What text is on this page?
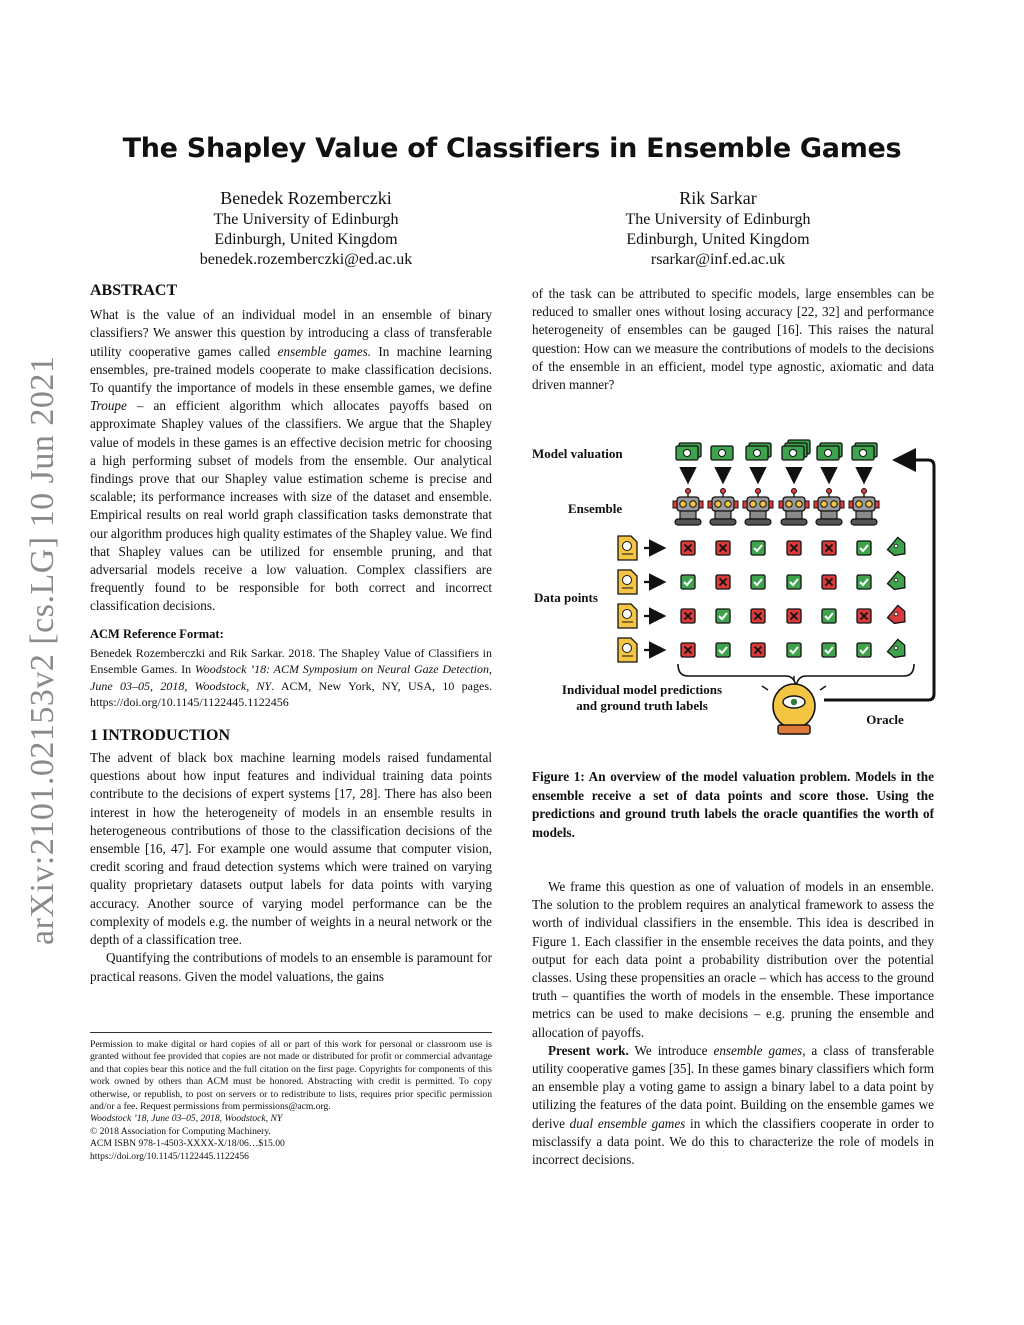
arXiv:2101.02153v2 [cs.LG] 10 Jun 2021
The Shapley Value of Classifiers in Ensemble Games
Benedek Rozemberczki
The University of Edinburgh
Edinburgh, United Kingdom
benedek.rozemberczki@ed.ac.uk
Rik Sarkar
The University of Edinburgh
Edinburgh, United Kingdom
rsarkar@inf.ed.ac.uk
ABSTRACT

What is the value of an individual model in an ensemble of binary classifiers? We answer this question by introducing a class of transferable utility cooperative games called ensemble games. In machine learning ensembles, pre-trained models cooperate to make classification decisions. To quantify the importance of models in these ensemble games, we define Troupe – an efficient algorithm which allocates payoffs based on approximate Shapley values of the classifiers. We argue that the Shapley value of models in these games is an effective decision metric for choosing a high performing subset of models from the ensemble. Our analytical findings prove that our Shapley value estimation scheme is precise and scalable; its performance increases with size of the dataset and ensemble. Empirical results on real world graph classification tasks demonstrate that our algorithm produces high quality estimates of the Shapley value. We find that Shapley values can be utilized for ensemble pruning, and that adversarial models receive a low valuation. Complex classifiers are frequently found to be responsible for both correct and incorrect classification decisions.

ACM Reference Format:

Benedek Rozemberczki and Rik Sarkar. 2018. The Shapley Value of Classifiers in Ensemble Games. In Woodstock ’18: ACM Symposium on Neural Gaze Detection, June 03–05, 2018, Woodstock, NY. ACM, New York, NY, USA, 10 pages. https://doi.org/10.1145/1122445.1122456

1 INTRODUCTION

The advent of black box machine learning models raised fundamental questions about how input features and individual training data points contribute to the decisions of expert systems [17, 28]. There has also been interest in how the heterogeneity of models in an ensemble results in heterogeneous contributions of those to the classification decisions of the ensemble [16, 47]. For example one would assume that computer vision, credit scoring and fraud detection systems which were trained on varying quality proprietary datasets output labels for data points with varying accuracy. Another source of varying model performance can be the complexity of models e.g. the number of weights in a neural network or the depth of a classification tree.

Quantifying the contributions of models to an ensemble is paramount for practical reasons. Given the model valuations, the gains

Permission to make digital or hard copies of all or part of this work for personal or classroom use is granted without fee provided that copies are not made or distributed for profit or commercial advantage and that copies bear this notice and the full citation on the first page. Copyrights for components of this work owned by others than ACM must be honored. Abstracting with credit is permitted. To copy otherwise, or republish, to post on servers or to redistribute to lists, requires prior specific permission and/or a fee. Request permissions from permissions@acm.org.
Woodstock ’18, June 03–05, 2018, Woodstock, NY
© 2018 Association for Computing Machinery.
ACM ISBN 978-1-4503-XXXX-X/18/06…$15.00
https://doi.org/10.1145/1122445.1122456

of the task can be attributed to specific models, large ensembles can be reduced to smaller ones without losing accuracy [22, 32] and performance heterogeneity of ensembles can be gauged [16]. This raises the natural question: How can we measure the contributions of models to the decisions of the ensemble in an efficient, model type agnostic, axiomatic and data driven manner?

Model valuation
Ensemble
Data points
Individual model predictions
and ground truth labels
Oracle
Figure 1: An overview of the model valuation problem. Models in the ensemble receive a set of data points and score those. Using the predictions and ground truth labels the oracle quantifies the worth of models.

We frame this question as one of valuation of models in an ensemble. The solution to the problem requires an analytical framework to assess the worth of individual classifiers in the ensemble. This idea is described in Figure 1. Each classifier in the ensemble receives the data points, and they output for each data point a probability distribution over the potential classes. Using these propensities an oracle – which has access to the ground truth – quantifies the worth of models in the ensemble. These importance metrics can be used to make decisions – e.g. pruning the ensemble and allocation of payoffs.

Present work. We introduce ensemble games, a class of transferable utility cooperative games [35]. In these games binary classifiers which form an ensemble play a voting game to assign a binary label to a data point by utilizing the features of the data point. Building on the ensemble games we derive dual ensemble games in which the classifiers cooperate in order to misclassify a data point. We do this to characterize the role of models in incorrect decisions.
